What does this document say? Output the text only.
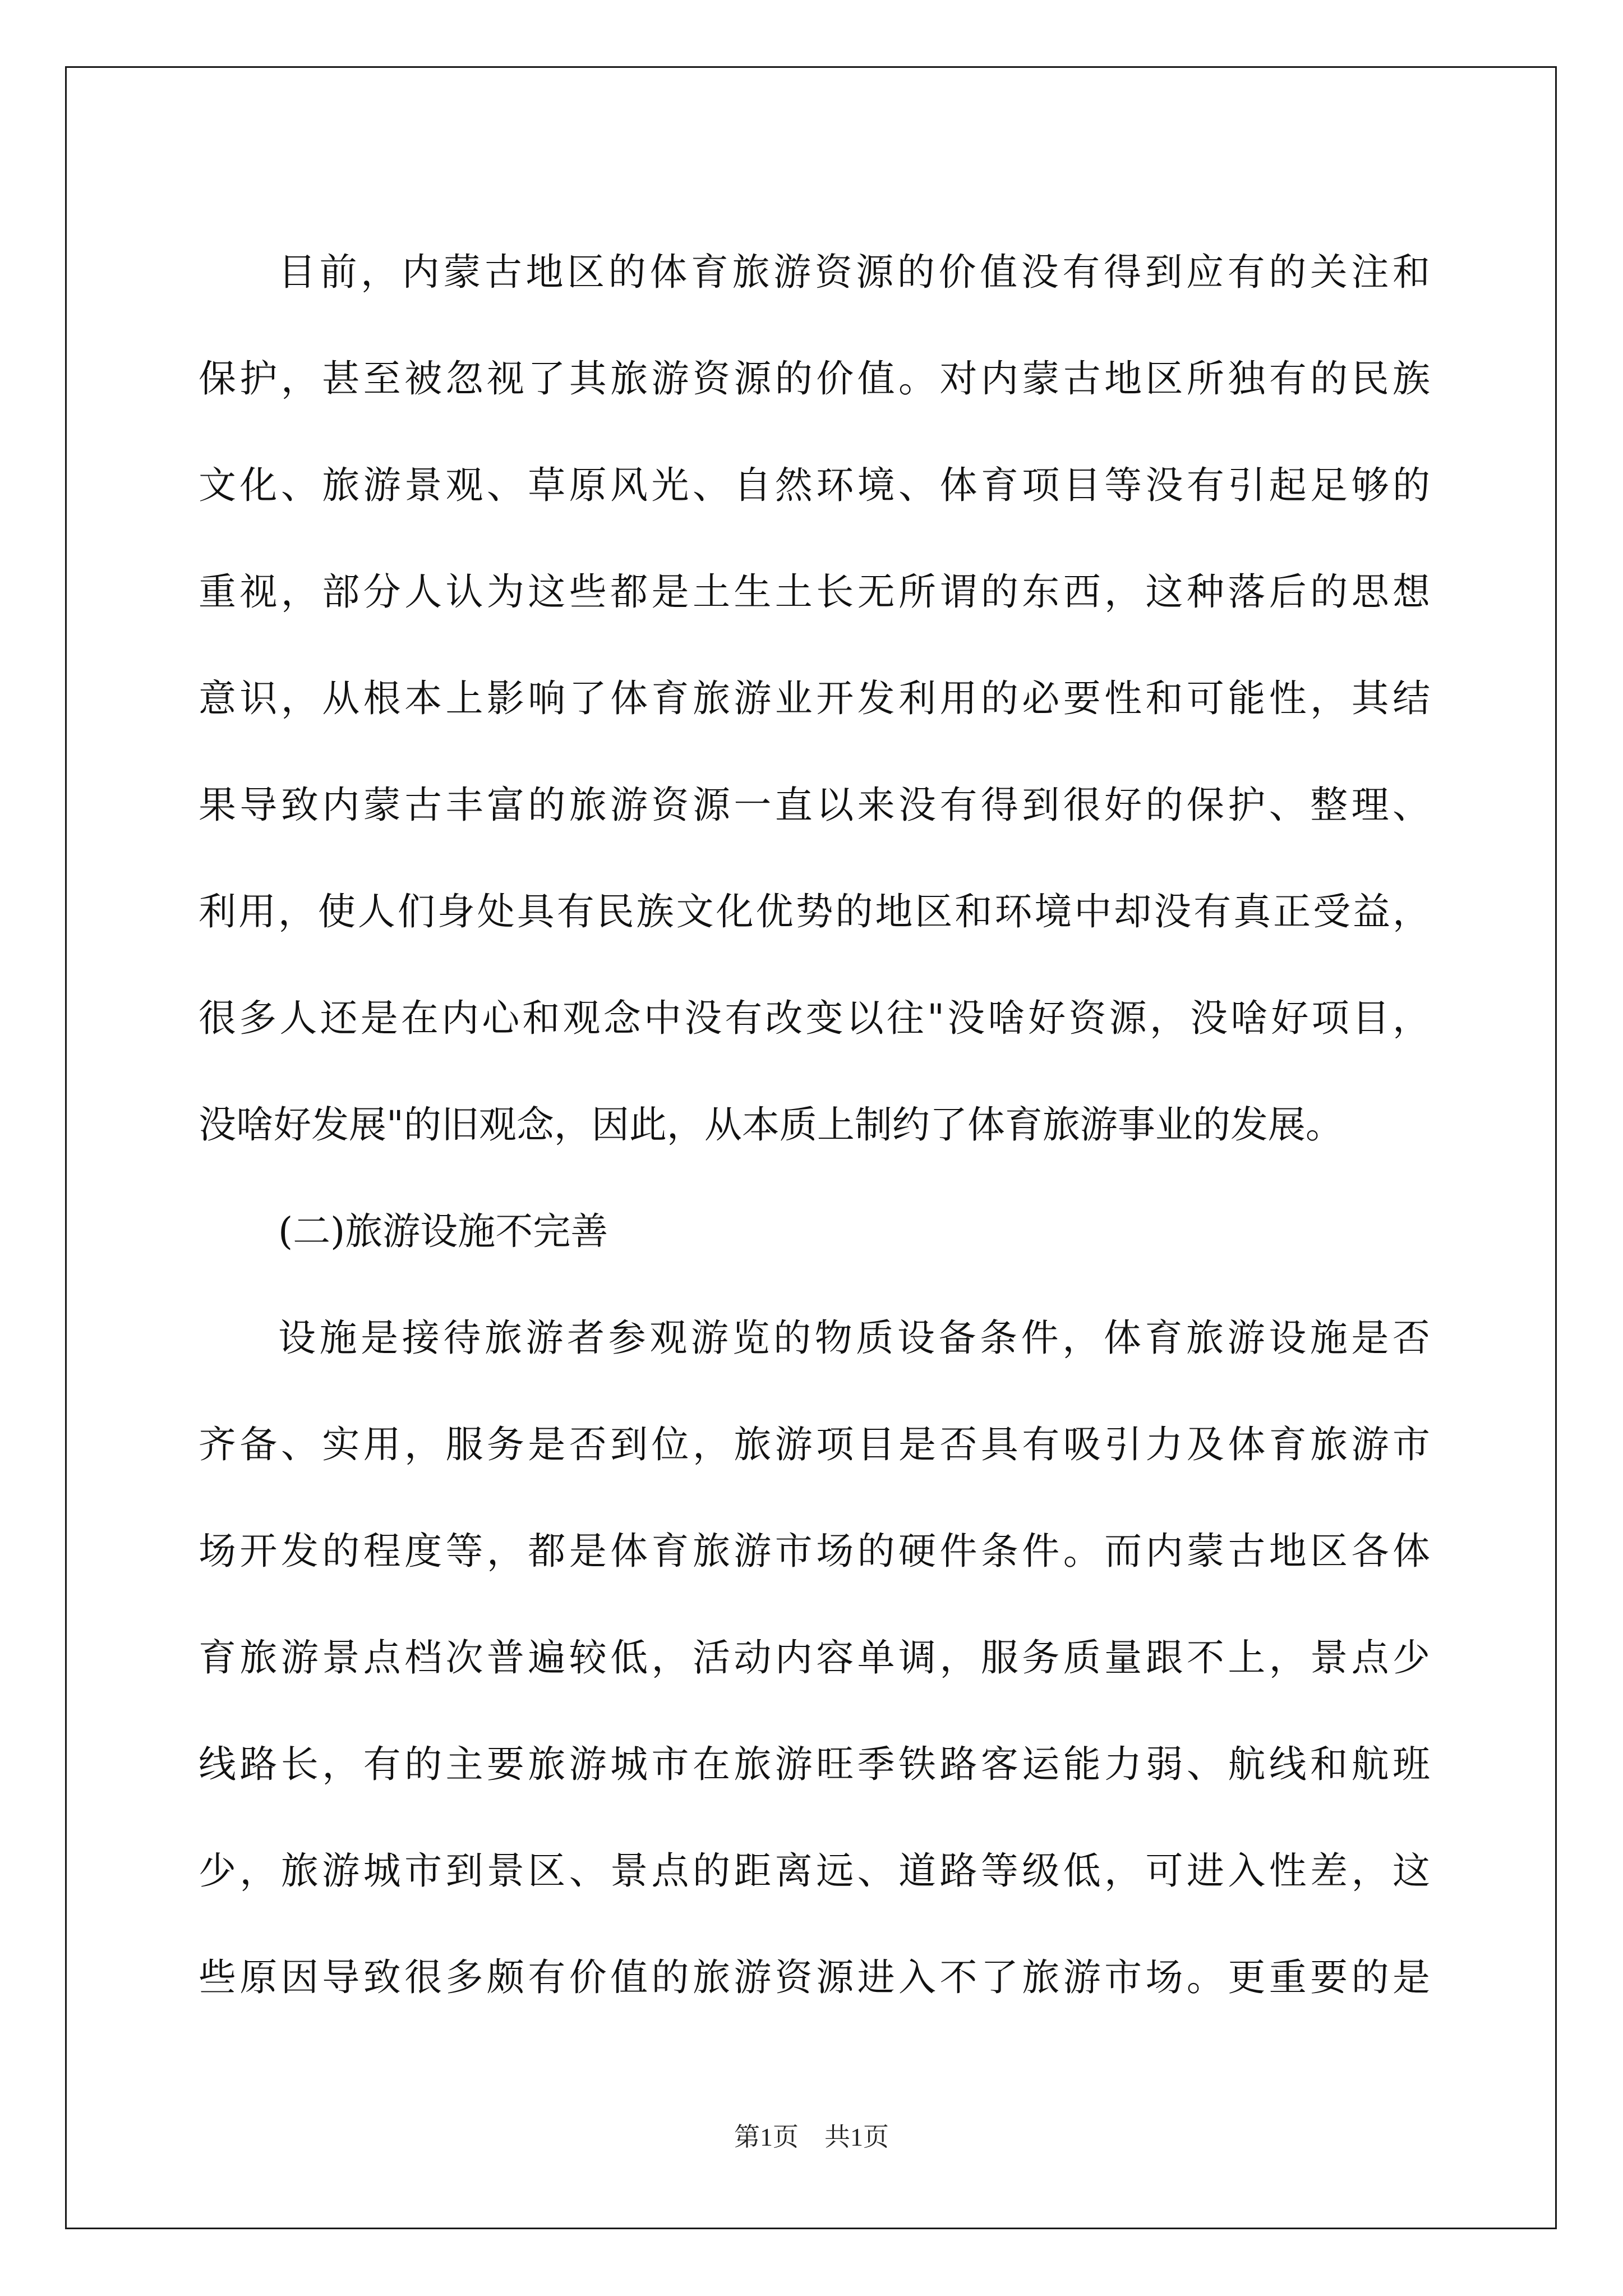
目前，内蒙古地区的体育旅游资源的价值没有得到应有的关注和
保护，甚至被忽视了其旅游资源的价值。对内蒙古地区所独有的民族
文化、旅游景观、草原风光、自然环境、体育项目等没有引起足够的
重视，部分人认为这些都是土生土长无所谓的东西，这种落后的思想
意识，从根本上影响了体育旅游业开发利用的必要性和可能性，其结
果导致内蒙古丰富的旅游资源一直以来没有得到很好的保护、整理、
利用，使人们身处具有民族文化优势的地区和环境中却没有真正受益，
很多人还是在内心和观念中没有改变以往"没啥好资源，没啥好项目，
没啥好发展"的旧观念，因此，从本质上制约了体育旅游事业的发展。
(二)旅游设施不完善
设施是接待旅游者参观游览的物质设备条件，体育旅游设施是否
齐备、实用，服务是否到位，旅游项目是否具有吸引力及体育旅游市
场开发的程度等，都是体育旅游市场的硬件条件。而内蒙古地区各体
育旅游景点档次普遍较低，活动内容单调，服务质量跟不上，景点少
线路长，有的主要旅游城市在旅游旺季铁路客运能力弱、航线和航班
少，旅游城市到景区、景点的距离远、道路等级低，可进入性差，这
些原因导致很多颇有价值的旅游资源进入不了旅游市场。更重要的是
第1页　共1页
